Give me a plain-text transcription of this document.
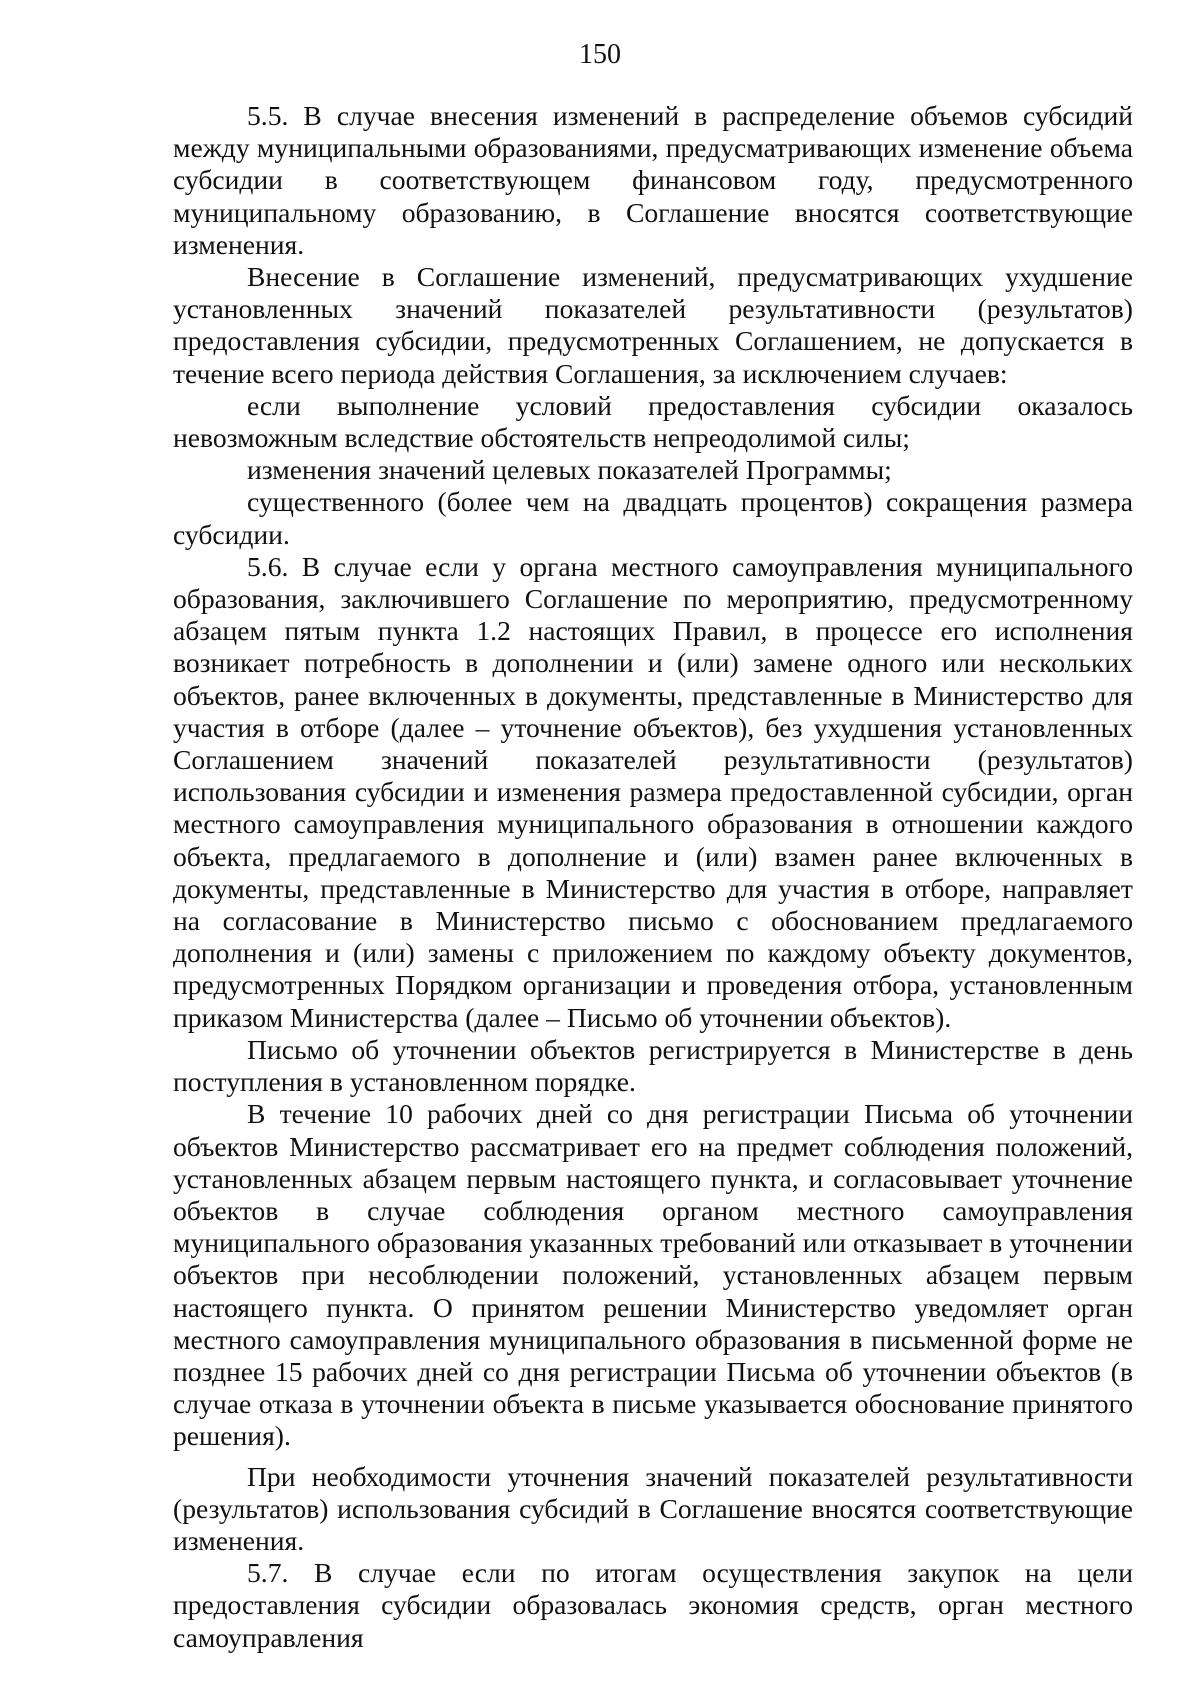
150

5.5. В случае внесения изменений в распределение объемов субсидий между муниципальными образованиями, предусматривающих изменение объема субсидии в соответствующем финансовом году, предусмотренного муниципальному образованию, в Соглашение вносятся соответствующие изменения.

Внесение в Соглашение изменений, предусматривающих ухудшение установленных значений показателей результативности (результатов) предоставления субсидии, предусмотренных Соглашением, не допускается в течение всего периода действия Соглашения, за исключением случаев:

если выполнение условий предоставления субсидии оказалось невозможным вследствие обстоятельств непреодолимой силы;

изменения значений целевых показателей Программы;

существенного (более чем на двадцать процентов) сокращения размера субсидии.

5.6. В случае если у органа местного самоуправления муниципального образования, заключившего Соглашение по мероприятию, предусмотренному абзацем пятым пункта 1.2 настоящих Правил, в процессе его исполнения возникает потребность в дополнении и (или) замене одного или нескольких объектов, ранее включенных в документы, представленные в Министерство для участия в отборе (далее – уточнение объектов), без ухудшения установленных Соглашением значений показателей результативности (результатов) использования субсидии и изменения размера предоставленной субсидии, орган местного самоуправления муниципального образования в отношении каждого объекта, предлагаемого в дополнение и (или) взамен ранее включенных в документы, представленные в Министерство для участия в отборе, направляет на согласование в Министерство письмо с обоснованием предлагаемого дополнения и (или) замены с приложением по каждому объекту документов, предусмотренных Порядком организации и проведения отбора, установленным приказом Министерства (далее – Письмо об уточнении объектов).

Письмо об уточнении объектов регистрируется в Министерстве в день поступления в установленном порядке.

В течение 10 рабочих дней со дня регистрации Письма об уточнении объектов Министерство рассматривает его на предмет соблюдения положений, установленных абзацем первым настоящего пункта, и согласовывает уточнение объектов в случае соблюдения органом местного самоуправления муниципального образования указанных требований или отказывает в уточнении объектов при несоблюдении положений, установленных абзацем первым настоящего пункта. О принятом решении Министерство уведомляет орган местного самоуправления муниципального образования в письменной форме не позднее 15 рабочих дней со дня регистрации Письма об уточнении объектов (в случае отказа в уточнении объекта в письме указывается обоснование принятого решения).

При необходимости уточнения значений показателей результативности (результатов) использования субсидий в Соглашение вносятся соответствующие изменения.

5.7. В случае если по итогам осуществления закупок на цели предоставления субсидии образовалась экономия средств, орган местного самоуправления
